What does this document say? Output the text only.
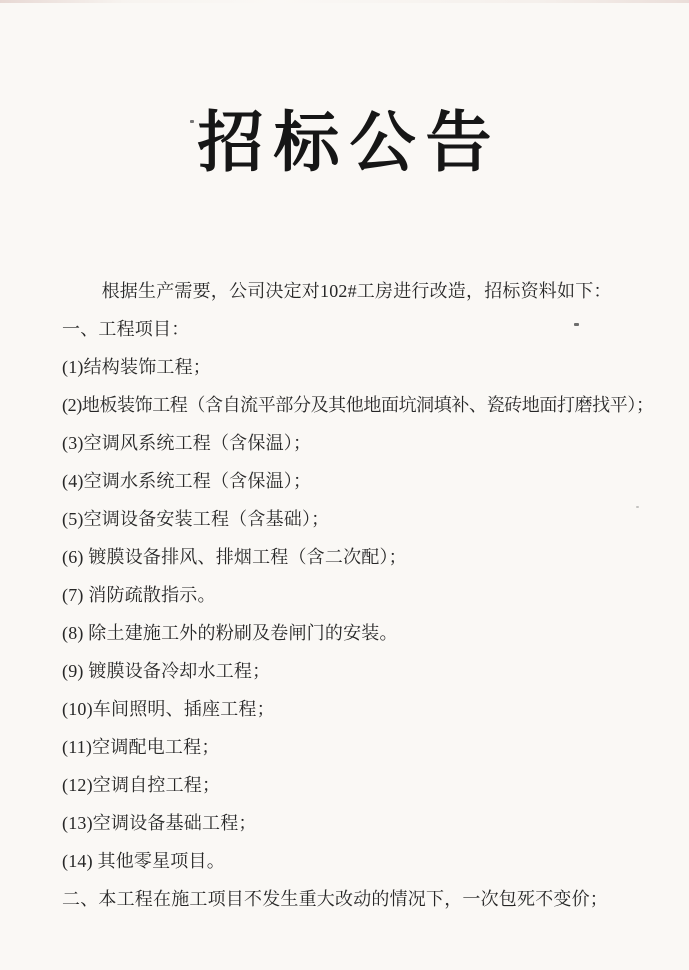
招标公告
根据生产需要，公司决定对102#工房进行改造，招标资料如下：
一、工程项目：
(1)结构装饰工程；
(2)地板装饰工程（含自流平部分及其他地面坑洞填补、瓷砖地面打磨找平）；
(3)空调风系统工程（含保温）；
(4)空调水系统工程（含保温）；
(5)空调设备安装工程（含基础）；
(6) 镀膜设备排风、排烟工程（含二次配）；
(7) 消防疏散指示。
(8) 除土建施工外的粉刷及卷闸门的安装。
(9) 镀膜设备冷却水工程；
(10)车间照明、插座工程；
(11)空调配电工程；
(12)空调自控工程；
(13)空调设备基础工程；
(14) 其他零星项目。
二、本工程在施工项目不发生重大改动的情况下，一次包死不变价；
